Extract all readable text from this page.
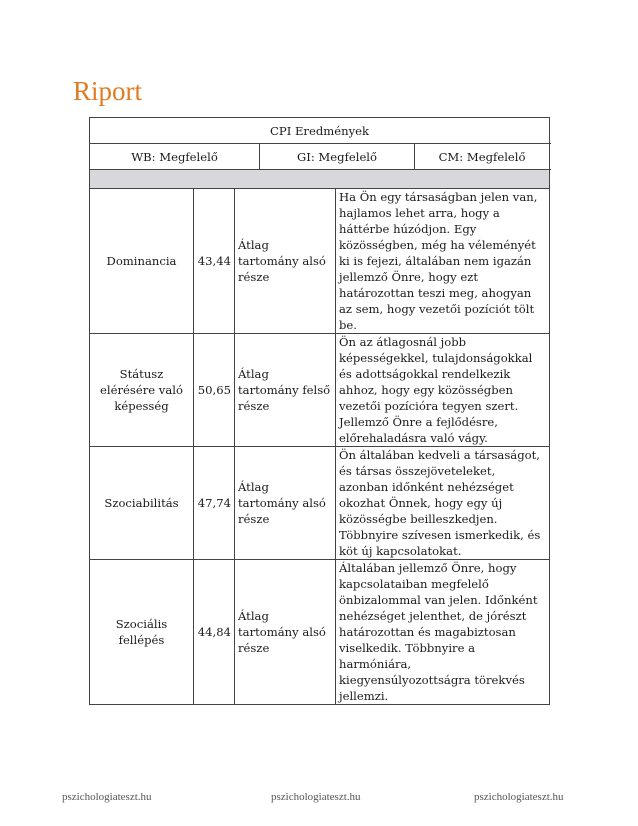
Riport
CPI Eredmények

WB: Megfelelő	GI: Megfelelő	CM: Megfelelő

Dominancia	43,44	Átlag tartomány alsó része	Ha Ön egy társaságban jelen van, hajlamos lehet arra, hogy a háttérbe húzódjon. Egy közösségben, még ha véleményét ki is fejezi, általában nem igazán jellemző Önre, hogy ezt határozottan teszi meg, ahogyan az sem, hogy vezetői pozíciót tölt be.
Státusz elérésére való képesség	50,65	Átlag tartomány felső része	Ön az átlagosnál jobb képességekkel, tulajdonságokkal és adottságokkal rendelkezik ahhoz, hogy egy közösségben vezetői pozícióra tegyen szert. Jellemző Önre a fejlődésre, előrehaladásra való vágy.
Szociabilitás	47,74	Átlag tartomány alsó része	Ön általában kedveli a társaságot, és társas összejöveteleket, azonban időnként nehézséget okozhat Önnek, hogy egy új közösségbe beilleszkedjen. Többnyire szívesen ismerkedik, és köt új kapcsolatokat.
Szociális fellépés	44,84	Átlag tartomány alsó része	Általában jellemző Önre, hogy kapcsolataiban megfelelő önbizalommal van jelen. Időnként nehézséget jelenthet, de jórészt határozottan és magabiztosan viselkedik. Többnyire a harmóniára, kiegyensúlyozottságra törekvés jellemzi.
pszichologiateszt.hu	pszichologiateszt.hu	pszichologiateszt.hu
